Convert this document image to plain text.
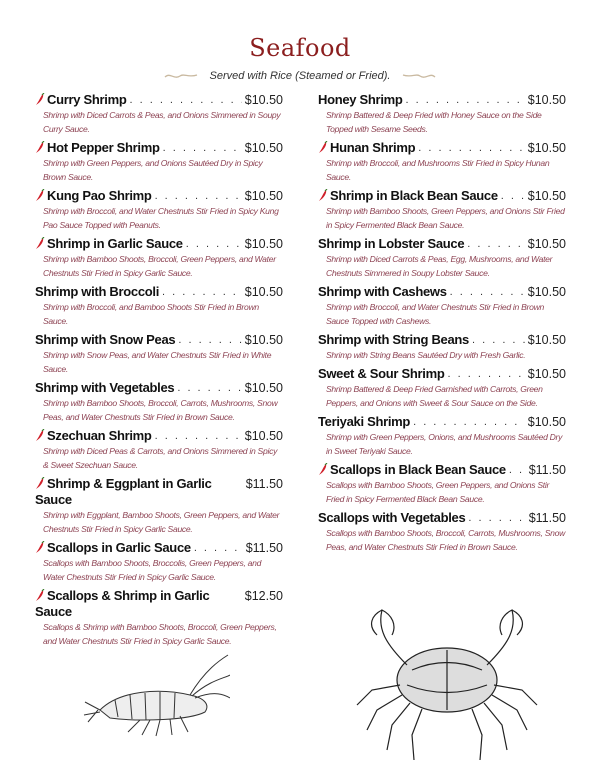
Seafood
Served with Rice (Steamed or Fried).
Curry Shrimp . . .	$10.50
Shrimp with Diced Carrots & Peas, and Onions Simmered in Soupy Curry Sauce.
Hot Pepper Shrimp . . .	$10.50
Shrimp with Green Peppers, and Onions Sautéed Dry in Spicy Brown Sauce.
Kung Pao Shrimp . . .	$10.50
Shrimp with Broccoli, and Water Chestnuts Stir Fried in Spicy Kung Pao Sauce Topped with Peanuts.
Shrimp in Garlic Sauce . . .	$10.50
Shrimp with Bamboo Shoots, Broccoli, Green Peppers, and Water Chestnuts Stir Fried in Spicy Garlic Sauce.
Shrimp with Broccoli . . .	$10.50
Shrimp with Broccoli, and Bamboo Shoots Stir Fried in Brown Sauce.
Shrimp with Snow Peas . . .	$10.50
Shrimp with Snow Peas, and Water Chestnuts Stir Fried in White Sauce.
Shrimp with Vegetables . . .	$10.50
Shrimp with Bamboo Shoots, Broccoli, Carrots, Mushrooms, Snow Peas, and Water Chestnuts Stir Fried in Brown Sauce.
Szechuan Shrimp . . .	$10.50
Shrimp with Diced Peas & Carrots, and Onions Simmered in Spicy & Sweet Szechuan Sauce.
Shrimp & Eggplant in Garlic Sauce
$11.50
Shrimp with Eggplant, Bamboo Shoots, Green Peppers, and Water Chestnuts Stir Fried in Spicy Garlic Sauce.
Scallops in Garlic Sauce . . .	$11.50
Scallops with Bamboo Shoots, Broccolis, Green Peppers, and Water Chestnuts Stir Fried in Spicy Garlic Sauce.
Scallops & Shrimp in Garlic Sauce
$12.50
Scallops & Shrimp with Bamboo Shoots, Broccoli, Green Peppers, and Water Chestnuts Stir Fried in Spicy Garlic Sauce.
Honey Shrimp . . .	$10.50
Shrimp Battered & Deep Fried with Honey Sauce on the Side Topped with Sesame Seeds.
Hunan Shrimp . . .	$10.50
Shrimp with Broccoli, and Mushrooms Stir Fried in Spicy Hunan Sauce.
Shrimp in Black Bean Sauce . . . $10.50
Shrimp with Bamboo Shoots, Green Peppers, and Onions Stir Fried in Spicy Fermented Black Bean Sauce.
Shrimp in Lobster Sauce . . .	$10.50
Shrimp with Diced Carrots & Peas, Egg, Mushrooms, and Water Chestnuts Simmered in Soupy Lobster Sauce.
Shrimp with Cashews . . .	$10.50
Shrimp with Broccoli, and Water Chestnuts Stir Fried in Brown Sauce Topped with Cashews.
Shrimp with String Beans . . .	$10.50
Shrimp with String Beans Sautéed Dry with Fresh Garlic.
Sweet & Sour Shrimp . . .	$10.50
Shrimp Battered & Deep Fried Garnished with Carrots, Green Peppers, and Onions with Sweet & Sour Sauce on the Side.
Teriyaki Shrimp . . .	$10.50
Shrimp with Green Peppers, Onions, and Mushrooms Sautéed Dry in Sweet Teriyaki Sauce.
Scallops in Black Bean Sauce . . . $11.50
Scallops with Bamboo Shoots, Green Peppers, and Onions Stir Fried in Spicy Fermented Black Bean Sauce.
Scallops with Vegetables . . .	$11.50
Scallops with Bamboo Shoots, Broccoli, Carrots, Mushrooms, Snow Peas, and Water Chestnuts Stir Fried in Brown Sauce.
